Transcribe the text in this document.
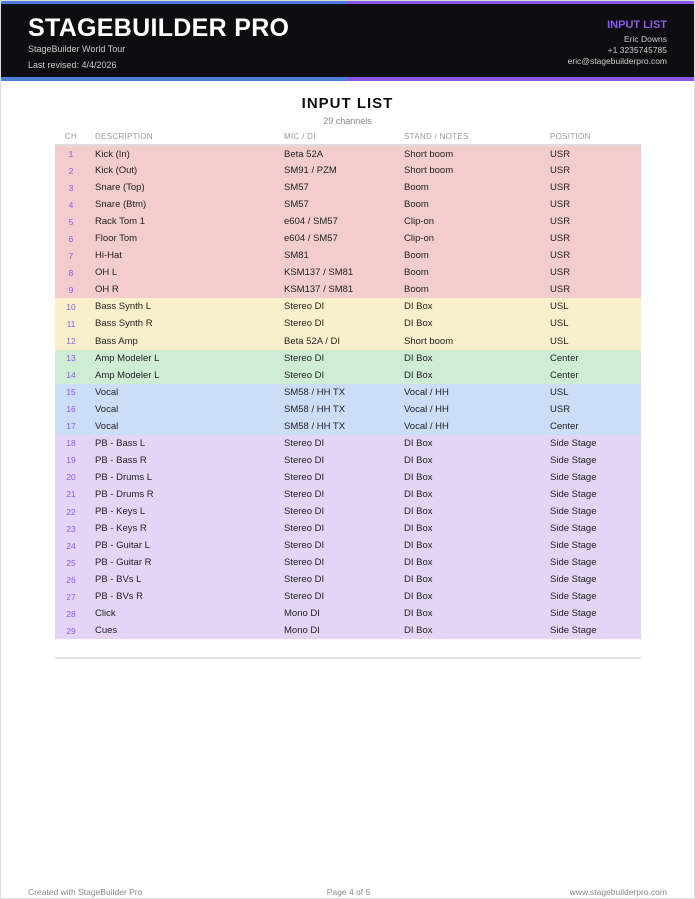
STAGEBUILDER PRO
StageBuilder World Tour
Last revised: 4/4/2026
INPUT LIST
Eric Downs
+1 3235745785
eric@stagebuilderpro.com
INPUT LIST
29 channels
CH	DESCRIPTION	MIC / DI	STAND / NOTES	POSITION
1	Kick (In)	Beta 52A	Short boom	USR
2	Kick (Out)	SM91 / PZM	Short boom	USR
3	Snare (Top)	SM57	Boom	USR
4	Snare (Btm)	SM57	Boom	USR
5	Rack Tom 1	e604 / SM57	Clip-on	USR
6	Floor Tom	e604 / SM57	Clip-on	USR
7	Hi-Hat	SM81	Boom	USR
8	OH L	KSM137 / SM81	Boom	USR
9	OH R	KSM137 / SM81	Boom	USR
10	Bass Synth L	Stereo DI	DI Box	USL
11	Bass Synth R	Stereo DI	DI Box	USL
12	Bass Amp	Beta 52A / DI	Short boom	USL
13	Amp Modeler L	Stereo DI	DI Box	Center
14	Amp Modeler L	Stereo DI	DI Box	Center
15	Vocal	SM58 / HH TX	Vocal / HH	USL
16	Vocal	SM58 / HH TX	Vocal / HH	USR
17	Vocal	SM58 / HH TX	Vocal / HH	Center
18	PB - Bass L	Stereo DI	DI Box	Side Stage
19	PB - Bass R	Stereo DI	DI Box	Side Stage
20	PB - Drums L	Stereo DI	DI Box	Side Stage
21	PB - Drums R	Stereo DI	DI Box	Side Stage
22	PB - Keys L	Stereo DI	DI Box	Side Stage
23	PB - Keys R	Stereo DI	DI Box	Side Stage
24	PB - Guitar L	Stereo DI	DI Box	Side Stage
25	PB - Guitar R	Stereo DI	DI Box	Side Stage
26	PB - BVs L	Stereo DI	DI Box	Side Stage
27	PB - BVs R	Stereo DI	DI Box	Side Stage
28	Click	Mono DI	DI Box	Side Stage
29	Cues	Mono DI	DI Box	Side Stage
Created with StageBuilder Pro	Page 4 of 5	www.stagebuilderpro.com
